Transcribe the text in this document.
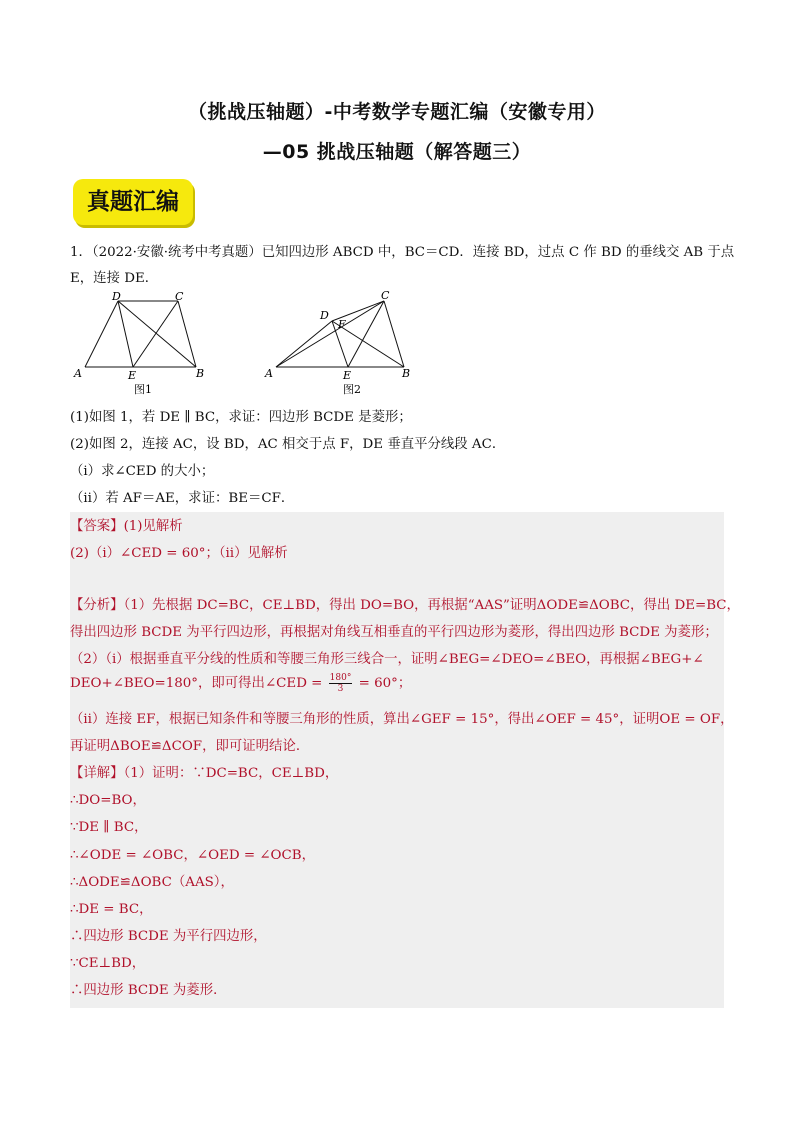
（挑战压轴题）-中考数学专题汇编（安徽专用）
—05 挑战压轴题（解答题三）
真题汇编
1．（2022·安徽·统考中考真题）已知四边形 ABCD 中，BC＝CD．连接 BD，过点 C 作 BD 的垂线交 AB 于点
E，连接 DE．
D	C
A	E	B
图1
D
C
F
A	E	B
图2
(1)如图 1，若 DE ∥ BC，求证：四边形 BCDE 是菱形；
(2)如图 2，连接 AC，设 BD，AC 相交于点 F，DE 垂直平分线段 AC．
（ⅰ）求∠CED 的大小；
（ⅱ）若 AF＝AE，求证：BE＝CF．
【答案】(1)见解析
(2)（ⅰ）∠CED = 60°；（ⅱ）见解析
【分析】（1）先根据 DC=BC，CE⊥BD，得出 DO=BO，再根据“AAS”证明ΔODE≌ΔOBC，得出 DE=BC，
得出四边形 BCDE 为平行四边形，再根据对角线互相垂直的平行四边形为菱形，得出四边形 BCDE 为菱形；
（2）（ⅰ）根据垂直平分线的性质和等腰三角形三线合一，证明∠BEG=∠DEO=∠BEO，再根据∠BEG+∠
DEO+∠BEO=180°，即可得出∠CED = $\frac{180^\circ}{3} = 60^\circ$；
（ⅱ）连接 EF，根据已知条件和等腰三角形的性质，算出∠GEF = 15°，得出∠OEF = 45°，证明OE = OF，
再证明ΔBOE≌ΔCOF，即可证明结论．
【详解】（1）证明：∵DC=BC，CE⊥BD，
∴DO=BO，
∵DE ∥ BC，
∴∠ODE = ∠OBC，∠OED = ∠OCB，
∴ΔODE≌ΔOBC（AAS），
∴DE = BC，
∴四边形 BCDE 为平行四边形，
∵CE⊥BD，
∴四边形 BCDE 为菱形．
